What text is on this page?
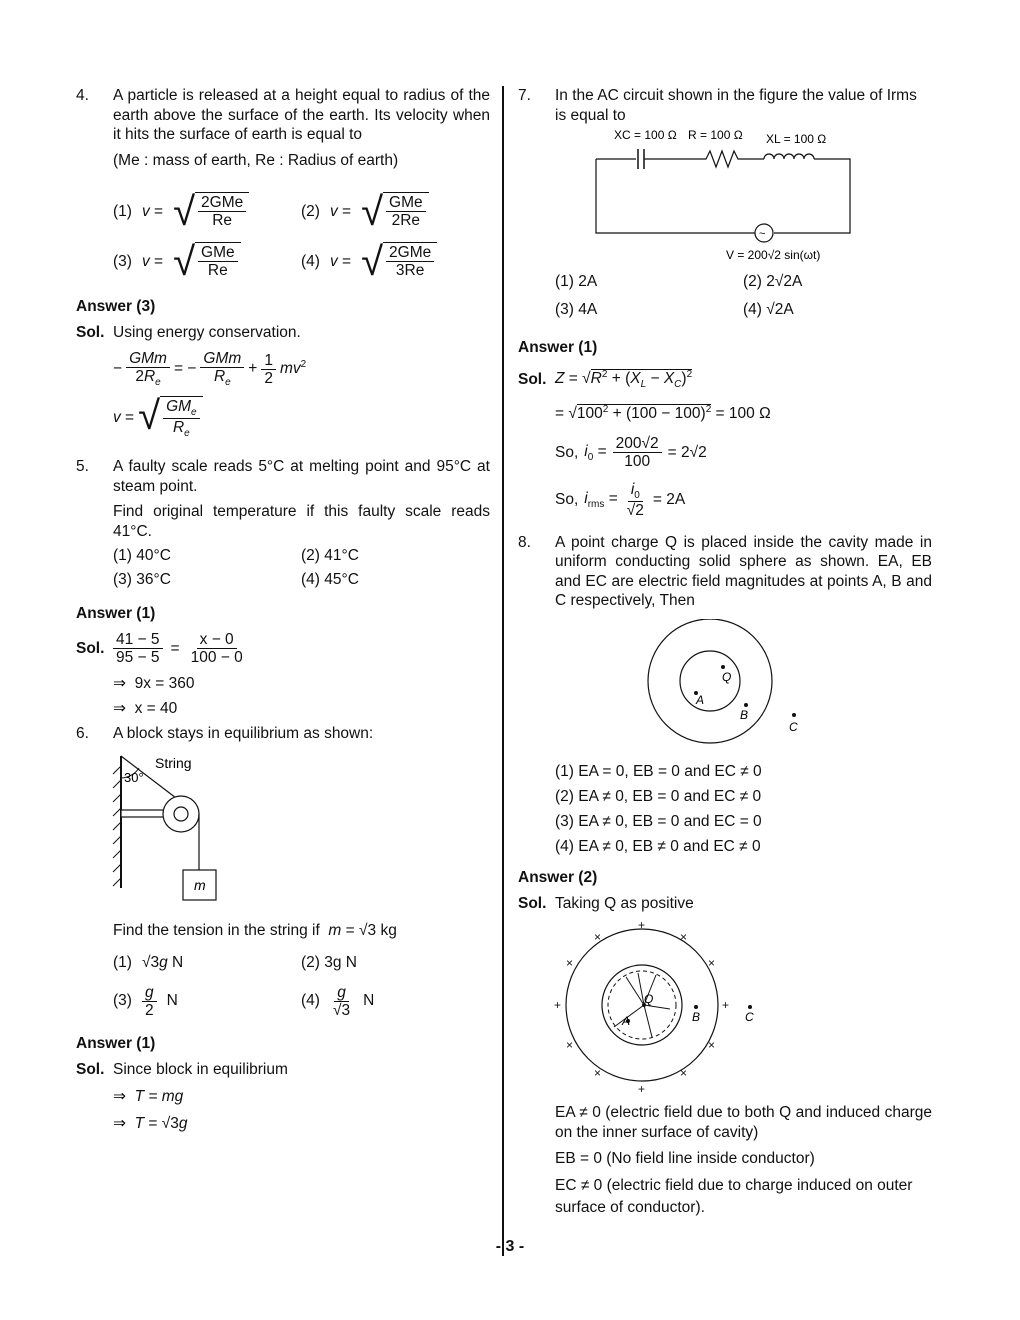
4. A particle is released at a height equal to radius of the earth above the surface of the earth. Its velocity when it hits the surface of earth is equal to
(Me : mass of earth, Re : Radius of earth)
(1) v = √ $\frac{\text{2GMe}}{Re}$	(2) v = √ $\frac{\text{GMe}}{2Re}$
(3) v = √ $\frac{\text{GMe}}{Re}$	(4) v = √ $\frac{\text{2GMe}}{3Re}$
Answer (3)
Sol. Using energy conservation.
− $\frac{\text{GMm}}{2R_e}$ = − $\frac{\text{GMm}}{R_e} + \frac{1}{2} mv^2$
v = √ $\frac{GM_e}{R_e}$
5. A faulty scale reads 5°C at melting point and 95°C at steam point.
Find original temperature if this faulty scale reads 41°C.
(1) 40°C	(2) 41°C
(3) 36°C	(4) 45°C
Answer (1)
Sol. $\frac{41 - 5}{95 - 5} = \frac{x - 0}{100 - 0}$
⇒  9x = 360
⇒  x = 40
6. A block stays in equilibrium as shown:
String
30°
m
Find the tension in the string if m = √3 kg
(1) √3g N	(2) 3g N
$(3) \frac{g}{2}$ N	$(4) \frac{g}{√3}$ N
Answer (1)
Sol. Since block in equilibrium
⇒  T = mg
⇒  T = √3g
7. In the AC circuit shown in the figure the value of Irms is equal to
XC = 100 Ω R = 100 Ω XL = 100 Ω
~
V = 200√2 sin(ωt)
(1) 2A	(2) 2√2A
(3) 4A	(4) √2A
Answer (1)
Sol. $Z = √R^2 + (X_L - X_C)^2$
= $√100^2 + (100 - 100)^2 = 100$ Ω
So, $i_0 = \frac{200√2}{100} = 2√2$
So, $i_{rms} = \frac{i_0}{√2} = 2A$
8. A point charge Q is placed inside the cavity made in uniform conducting solid sphere as shown. EA, EB and EC are electric field magnitudes at points A, B and C respectively, Then
Q
A
B
C
(1) EA = 0, EB = 0 and EC ≠ 0
(2) EA ≠ 0, EB = 0 and EC ≠ 0
(3) EA ≠ 0, EB = 0 and EC = 0
(4) EA ≠ 0, EB ≠ 0 and EC ≠ 0
Answer (2)
Sol. Taking Q as positive
Q
A	B	C
+
+
+	+
×	×
×	×
×	×
×	×
EA ≠ 0 (electric field due to both Q and induced charge on the inner surface of cavity)
EB = 0 (No field line inside conductor)
EC ≠ 0 (electric field due to charge induced on outer surface of conductor).
- 3 -
